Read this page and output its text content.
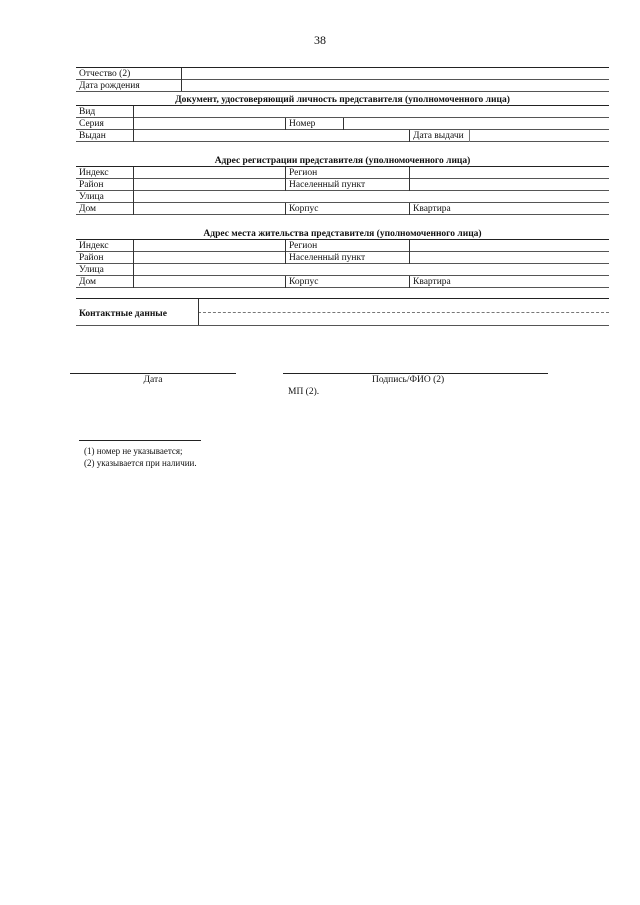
38
Отчество (2)
Дата рождения
Документ, удостоверяющий личность представителя (уполномоченного лица)
Вид
Серия	Номер
Выдан	Дата выдачи
Адрес регистрации представителя (уполномоченного лица)
Индекс	Регион
Район	Населенный пункт
Улица
Дом	Корпус	Квартира
Адрес места жительства представителя (уполномоченного лица)
Индекс	Регион
Район	Населенный пункт
Улица
Дом	Корпус	Квартира
Контактные данные
Дата	Подпись/ФИО (2)
МП (2).
(1) номер не указывается;
(2) указывается при наличии.
